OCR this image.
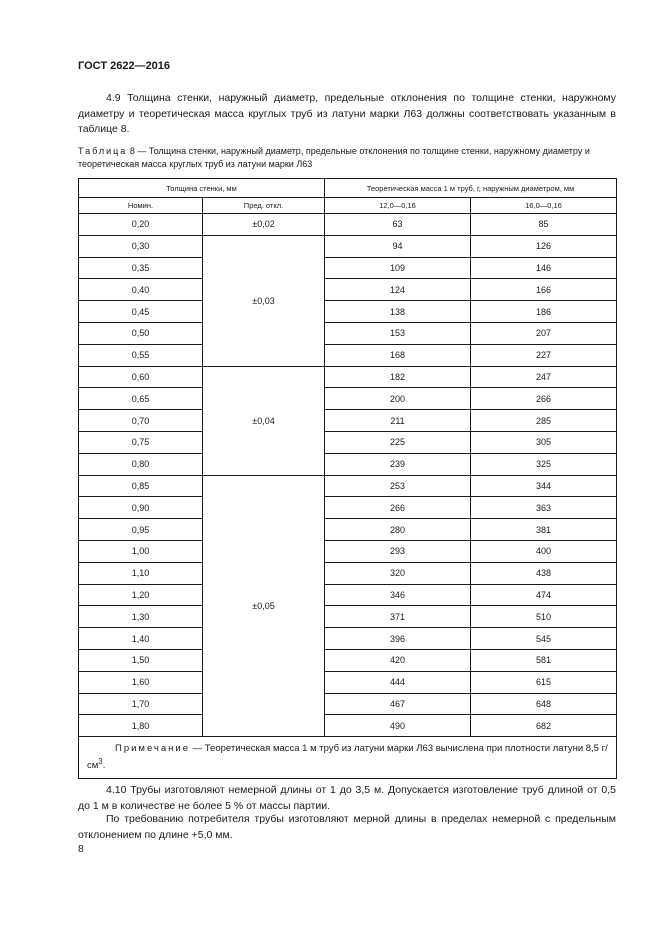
ГОСТ 2622—2016
4.9 Толщина стенки, наружный диаметр, предельные отклонения по толщине стенки, наружному диаметру и теоретическая масса круглых труб из латуни марки Л63 должны соответствовать указанным в таблице 8.
Таблица 8 — Толщина стенки, наружный диаметр, предельные отклонения по толщине стенки, наружному диаметру и теоретическая масса круглых труб из латуни марки Л63
Толщина стенки, мм		Теоретическая масса 1 м труб, г, наружным диаметром, мм	
Номин.	Пред. откл.	12,0—0,16	16,0—0,16
0,20	±0,02	63	85
0,30	±0,03	94	126
0,35		109	146
0,40		124	166
0,45		138	186
0,50		153	207
0,55		168	227
0,60	±0,04	182	247
0,65		200	266
0,70		211	285
0,75		225	305
0,80		239	325
0,85	±0,05	253	344
0,90		266	363
0,95		280	381
1,00		293	400
1,10		320	438
1,20		346	474
1,30		371	510
1,40		396	545
1,50		420	581
1,60		444	615
1,70		467	648
1,80		490	682

Примечание — Теоретическая масса 1 м труб из латуни марки Л63 вычислена при плотности латуни 8,5 $г/см^3$.			
4.10 Трубы изготовляют немерной длины от 1 до 3,5 м. Допускается изготовление труб длиной от 0,5 до 1 м в количестве не более 5 % от массы партии.
По требованию потребителя трубы изготовляют мерной длины в пределах немерной с предельным отклонением по длине +5,0 мм.
8
